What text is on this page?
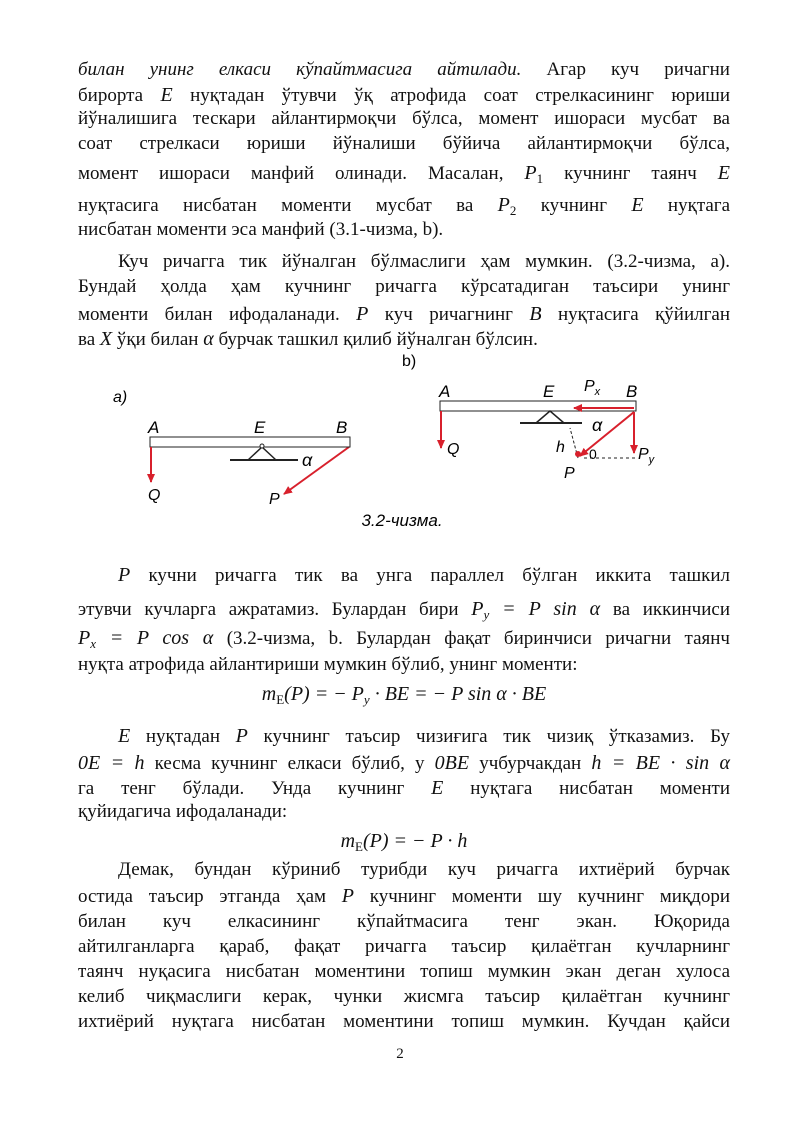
билан унинг елкаси кўпайтмасига айтилади. Агар куч ричагни
бирорта E нуқтадан ўтувчи ўқ атрофида соат стрелкасининг юриши
йўналишига тескари айлантирмоқчи бўлса, момент ишораси мусбат ва
соат стрелкаси юриши йўналиши бўйича айлантирмоқчи бўлса,
момент ишораси манфий олинади. Масалан, $P_1$ кучнинг таянч E
нуқтасига нисбатан моменти мусбат ва $P_2$ кучнинг E нуқтага
нисбатан моменти эса манфий (3.1-чизма, b).
Куч ричагга тик йўналган бўлмаслиги ҳам мумкин. (3.2-чизма, а).
Бундай ҳолда ҳам кучнинг ричагга кўрсатадиган таъсири унинг
моменти билан ифодаланади. P куч ричагнинг B нуқтасига қўйилган
ва X ўқи билан α бурчак ташкил қилиб йўналган бўлсин.
b)
a)
A	E	B
Q	P
α
A	E $P_x$ B
α
Q	h 0	$P_y$
P
3.2-чизма.
P кучни ричагга тик ва унга параллел бўлган иккита ташкил
этувчи кучларга ажратамиз. Булардан бири $P_y = P$ sin α ва иккинчиси
$P_x = P$ cos α (3.2-чизма, b. Булардан фақат биринчиси ричагни таянч
нуқта атрофида айлантириши мумкин бўлиб, унинг моменти:
$m_E(P)$ = − $P_y$ · BE = − P sin α · BE
E нуқтадан P кучнинг таъсир чизиғига тик чизиқ ўтказамиз. Бу
0E = h кесма кучнинг елкаси бўлиб, у 0BE учбурчакдан h = BE · sin α
га тенг бўлади. Унда кучнинг E нуқтага нисбатан моменти
қуйидагича ифодаланади:
$m_E(P)$ = − P · h
Демак, бундан кўриниб турибди куч ричагга ихтиёрий бурчак
остида таъсир этганда ҳам P кучнинг моменти шу кучнинг миқдори
билан куч елкасининг кўпайтмасига тенг экан. Юқорида
айтилганларга қараб, фақат ричагга таъсир қилаётган кучларнинг
таянч нуқасига нисбатан моментини топиш мумкин экан деган хулоса
келиб чиқмаслиги керак, чунки жисмга таъсир қилаётган кучнинг
ихтиёрий нуқтага нисбатан моментини топиш мумкин. Кучдан қайси
2
